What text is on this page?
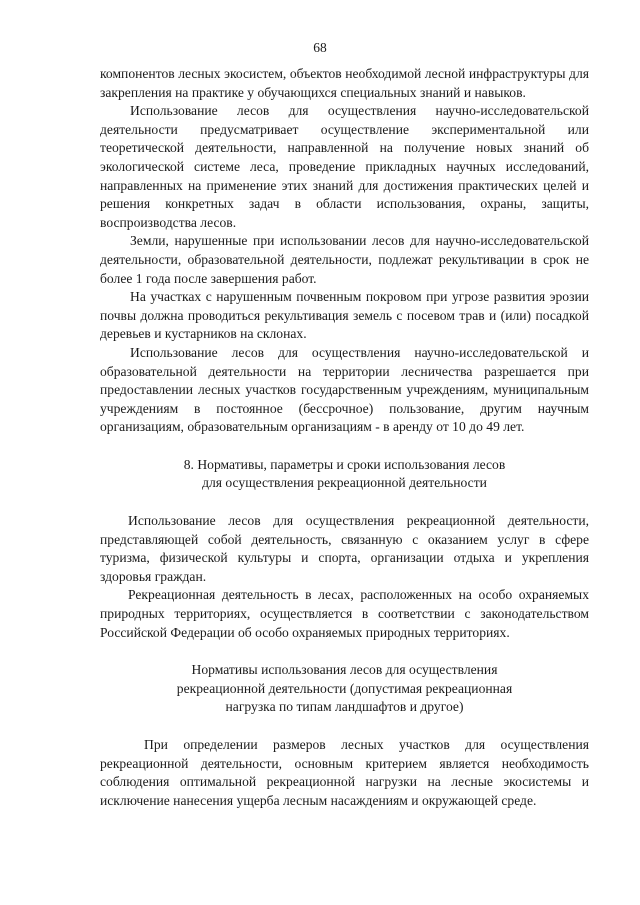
68

компонентов лесных экосистем, объектов необходимой лесной инфраструктуры для закрепления на практике у обучающихся специальных знаний и навыков.

Использование лесов для осуществления научно-исследовательской деятельности предусматривает осуществление экспериментальной или теоретической деятельности, направленной на получение новых знаний об экологической системе леса, проведение прикладных научных исследований, направленных на применение этих знаний для достижения практических целей и решения конкретных задач в области использования, охраны, защиты, воспроизводства лесов.

Земли, нарушенные при использовании лесов для научно-исследовательской деятельности, образовательной деятельности, подлежат рекультивации в срок не более 1 года после завершения работ.

На участках с нарушенным почвенным покровом при угрозе развития эрозии почвы должна проводиться рекультивация земель с посевом трав и (или) посадкой деревьев и кустарников на склонах.

Использование лесов для осуществления научно-исследовательской и образовательной деятельности на территории лесничества разрешается при предоставлении лесных участков государственным учреждениям, муниципальным учреждениям в постоянное (бессрочное) пользование, другим научным организациям, образовательным организациям - в аренду от 10 до 49 лет.

8. Нормативы, параметры и сроки использования лесов
для осуществления рекреационной деятельности

Использование лесов для осуществления рекреационной деятельности, представляющей собой деятельность, связанную с оказанием услуг в сфере туризма, физической культуры и спорта, организации отдыха и укрепления здоровья граждан.

Рекреационная деятельность в лесах, расположенных на особо охраняемых природных территориях, осуществляется в соответствии с законодательством Российской Федерации об особо охраняемых природных территориях.

Нормативы использования лесов для осуществления
рекреационной деятельности (допустимая рекреационная
нагрузка по типам ландшафтов и другое)

При определении размеров лесных участков для осуществления рекреационной деятельности, основным критерием является необходимость соблюдения оптимальной рекреационной нагрузки на лесные экосистемы и исключение нанесения ущерба лесным насаждениям и окружающей среде.
